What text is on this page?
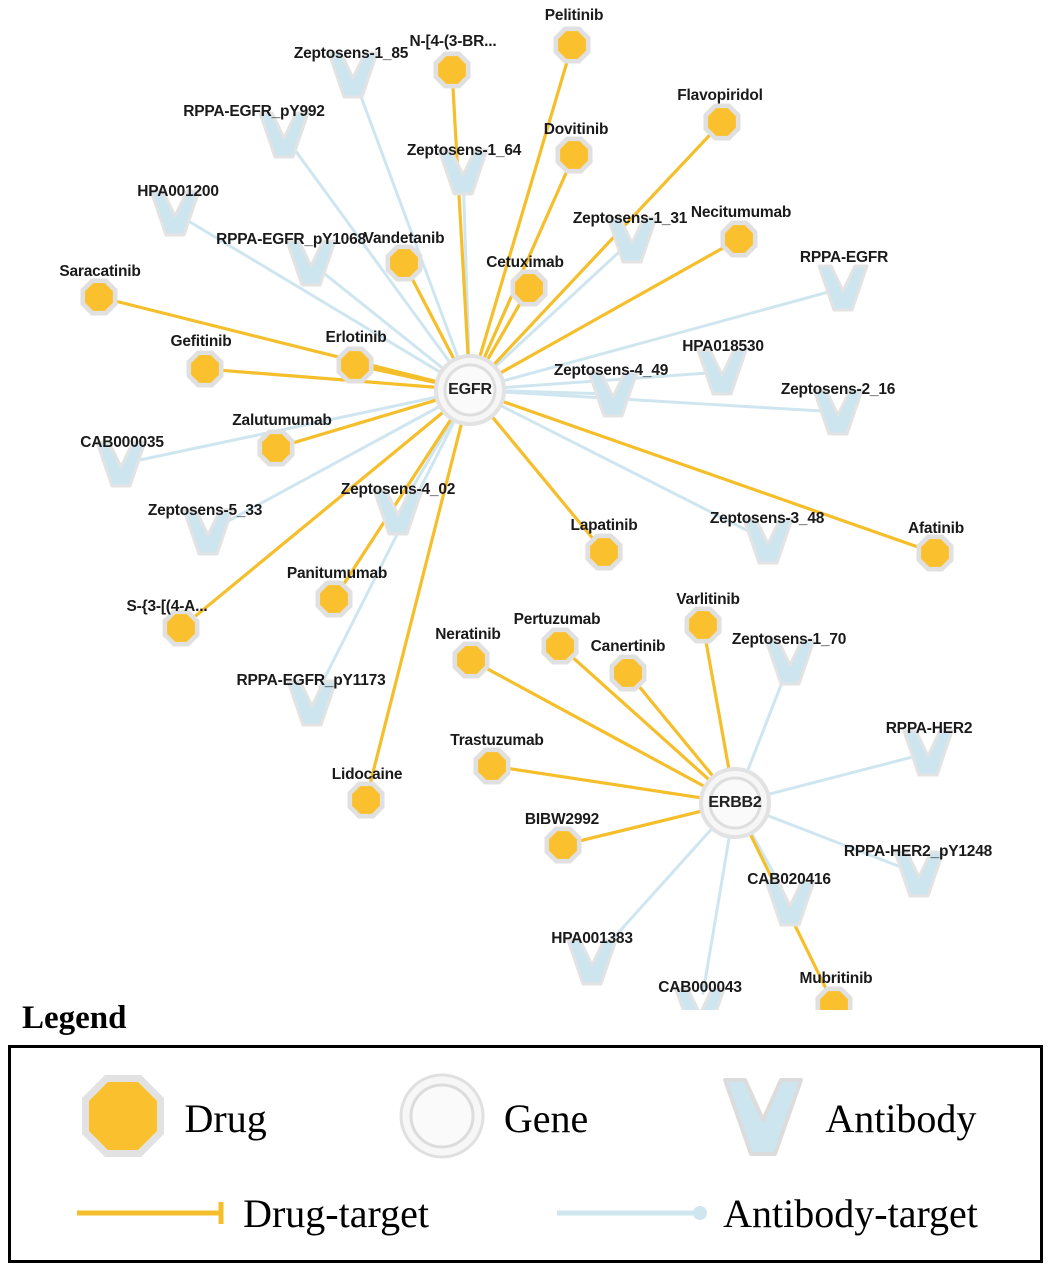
Zeptosens-1_85
RPPA-EGFR_pY992
Zeptosens-1_64
HPA001200
Zeptosens-1_31
RPPA-EGFR_pY1068
RPPA-EGFR
HPA018530
Zeptosens-4_49
Zeptosens-2_16
CAB000035
Zeptosens-5_33
Zeptosens-4_02
Zeptosens-3_48
Zeptosens-1_70
RPPA-EGFR_pY1173
RPPA-HER2
RPPA-HER2_pY1248
CAB020416
HPA001383
CAB000043
Pelitinib
N-[4-(3-BR...
Flavopiridol
Dovitinib
Necitumumab
Vandetanib
Cetuximab
Saracatinib
Gefitinib	Erlotinib
Zalutumumab
Afatinib
Lapatinib
Panitumumab
S-{3-[(4-A...	Varlitinib
Pertuzumab
Neratinib
Canertinib
Trastuzumab
Lidocaine
BIBW2992
Mubritinib
EGFR
ERBB2
Legend
Drug	Gene	Antibody
Drug-target	Antibody-target
